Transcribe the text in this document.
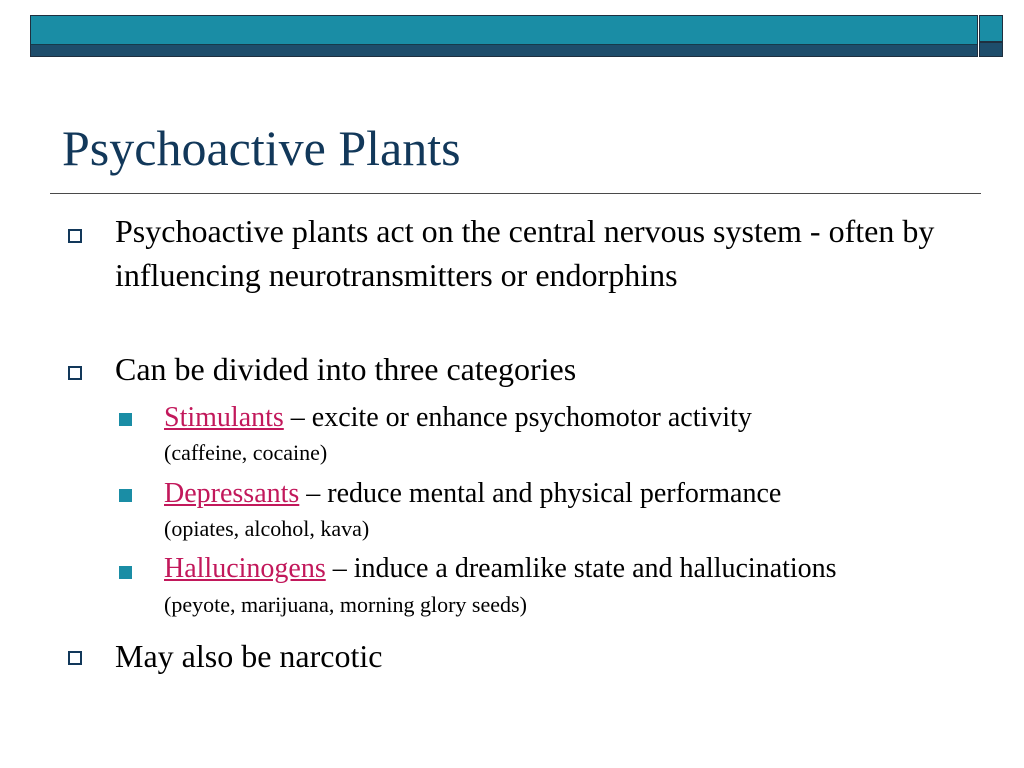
Psychoactive Plants
Psychoactive plants act on the central nervous system - often by influencing neurotransmitters or endorphins
Can be divided into three categories
Stimulants – excite or enhance psychomotor activity
(caffeine, cocaine)
Depressants – reduce mental and physical performance
(opiates, alcohol, kava)
Hallucinogens – induce a dreamlike state and hallucinations (peyote, marijuana, morning glory seeds)
May also be narcotic
